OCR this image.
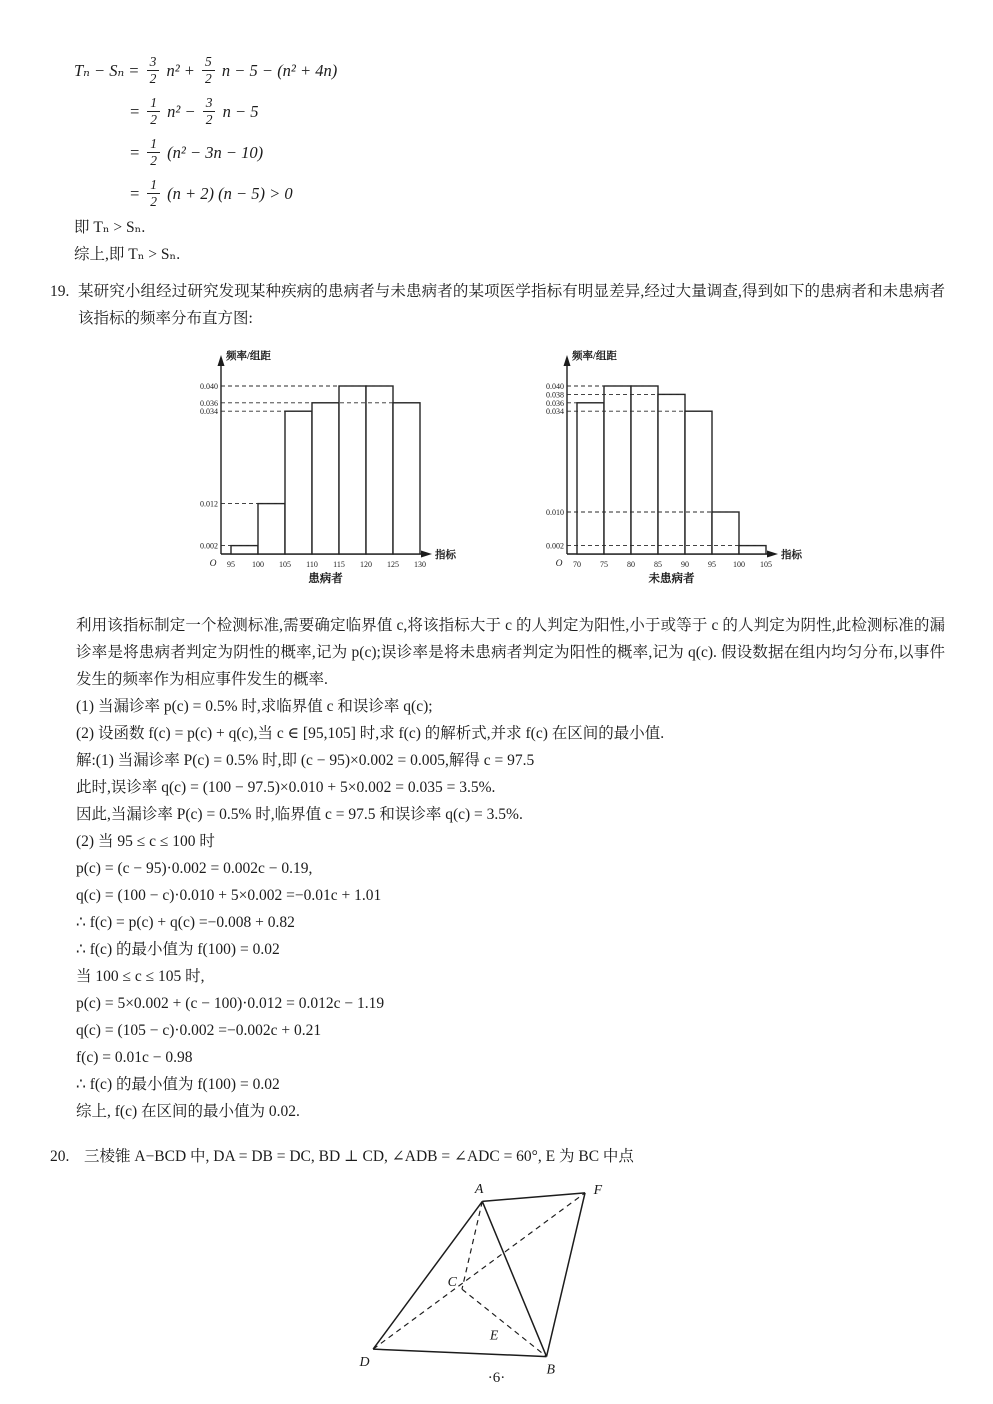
$T_n - S_n = \frac{3}{2} n^2 + \frac{5}{2}$ n − 5 − (n² + 4n)
= $\frac{1}{2} n^2 - \frac{3}{2}$ n − 5
= $\frac{1}{2} (n^2 - 3n - 10)$
= $\frac{1}{2} (n + 2) (n - 5) > 0$
即 Tₙ > Sₙ.
综上,即 Tₙ > Sₙ.
19. 某研究小组经过研究发现某种疾病的患病者与未患病者的某项医学指标有明显差异,经过大量调查,得到如下的患病者和未患病者该指标的频率分布直方图:
频率/组距
指标
O
0.040
0.036
0.034
0.012
0.002
95 100 105 110 115 120 125 130
患病者
频率/组距
指标
O
0.040
0.038
0.036
0.034
0.010
0.002
70 75 80 85 90 95 100 105
未患病者
利用该指标制定一个检测标准,需要确定临界值 c,将该指标大于 c 的人判定为阳性,小于或等于 c 的人判定为阴性,此检测标准的漏诊率是将患病者判定为阴性的概率,记为 p(c);误诊率是将未患病者判定为阳性的概率,记为 q(c). 假设数据在组内均匀分布,以事件发生的频率作为相应事件发生的概率.
(1) 当漏诊率 p(c) = 0.5% 时,求临界值 c 和误诊率 q(c);
(2) 设函数 f(c) = p(c) + q(c),当 c ∈ [95,105] 时,求 f(c) 的解析式,并求 f(c) 在区间的最小值.
解:(1) 当漏诊率 P(c) = 0.5% 时,即 (c − 95)×0.002 = 0.005,解得 c = 97.5
此时,误诊率 q(c) = (100 − 97.5)×0.010 + 5×0.002 = 0.035 = 3.5%.
因此,当漏诊率 P(c) = 0.5% 时,临界值 c = 97.5 和误诊率 q(c) = 3.5%.
(2) 当 95 ≤ c ≤ 100 时
p(c) = (c − 95)·0.002 = 0.002c − 0.19,
q(c) = (100 − c)·0.010 + 5×0.002 =−0.01c + 1.01
∴ f(c) = p(c) + q(c) =−0.008 + 0.82
∴ f(c) 的最小值为 f(100) = 0.02
当 100 ≤ c ≤ 105 时,
p(c) = 5×0.002 + (c − 100)·0.012 = 0.012c − 1.19
q(c) = (105 − c)·0.002 =−0.002c + 0.21
f(c) = 0.01c − 0.98
∴ f(c) 的最小值为 f(100) = 0.02
综上, f(c) 在区间的最小值为 0.02.
20. 三棱锥 A−BCD 中, DA = DB = DC, BD ⊥ CD, ∠ADB = ∠ADC = 60°, E 为 BC 中点
A	F
C
D
E
B
·6·
